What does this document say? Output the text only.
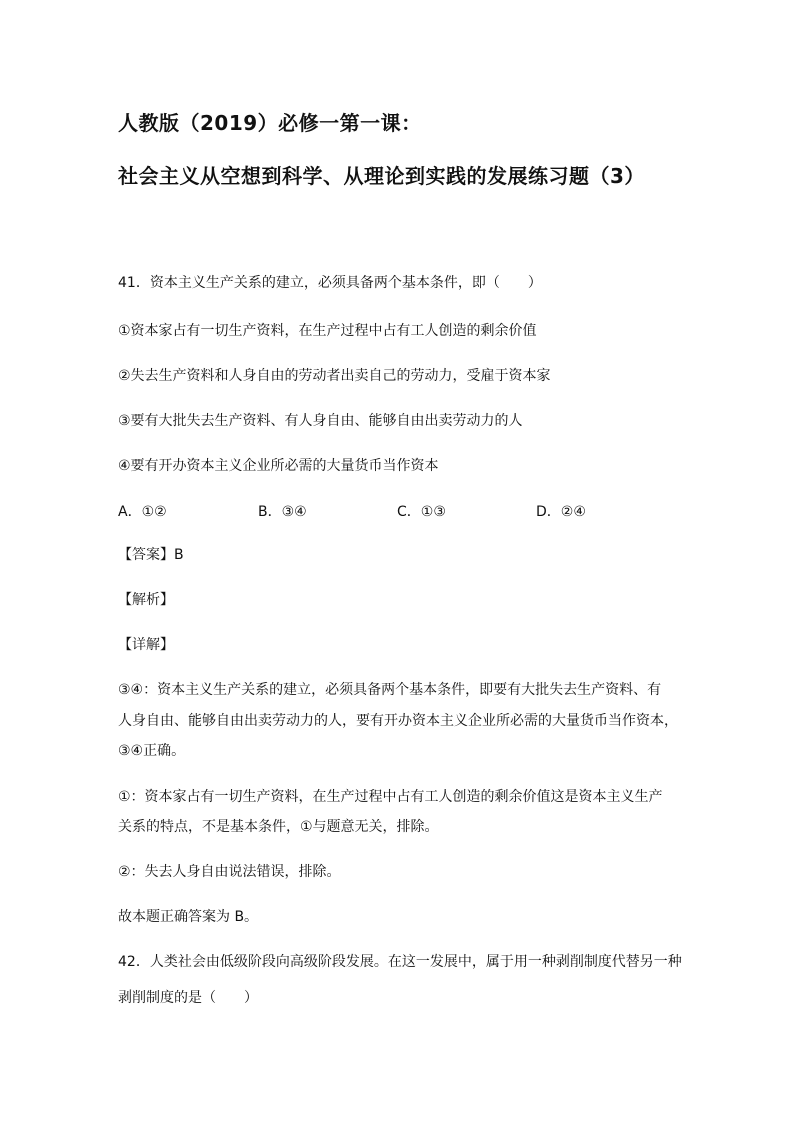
人教版（2019）必修一第一课：
社会主义从空想到科学、从理论到实践的发展练习题（3）
41．资本主义生产关系的建立，必须具备两个基本条件，即（　　）
①资本家占有一切生产资料，在生产过程中占有工人创造的剩余价值
②失去生产资料和人身自由的劳动者出卖自己的劳动力，受雇于资本家
③要有大批失去生产资料、有人身自由、能够自由出卖劳动力的人
④要有开办资本主义企业所必需的大量货币当作资本
A．①②	B．③④	C．①③	D．②④
【答案】B
【解析】
【详解】
③④：资本主义生产关系的建立，必须具备两个基本条件，即要有大批失去生产资料、有
人身自由、能够自由出卖劳动力的人，要有开办资本主义企业所必需的大量货币当作资本，
③④正确。
①：资本家占有一切生产资料，在生产过程中占有工人创造的剩余价值这是资本主义生产
关系的特点，不是基本条件，①与题意无关，排除。
②：失去人身自由说法错误，排除。
故本题正确答案为 B。
42．人类社会由低级阶段向高级阶段发展。在这一发展中，属于用一种剥削制度代替另一种
剥削制度的是（　　）
